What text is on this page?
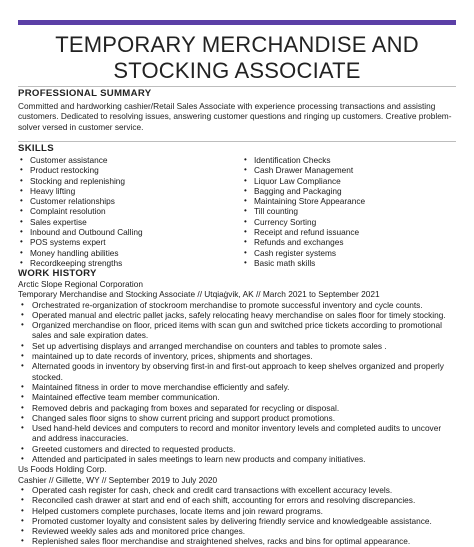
TEMPORARY MERCHANDISE AND
STOCKING ASSOCIATE
PROFESSIONAL SUMMARY
Committed and hardworking cashier/Retail Sales Associate with experience processing transactions and assisting customers. Dedicated to resolving issues, answering customer questions and ringing up customers. Creative problem-solver versed in customer service.
SKILLS
• Customer assistance
• Product restocking
• Stocking and replenishing
• Heavy lifting
• Customer relationships
• Complaint resolution
• Sales expertise
• Inbound and Outbound Calling
• POS systems expert
• Money handling abilities
• Recordkeeping strengths
• Identification Checks
• Cash Drawer Management
• Liquor Law Compliance
• Bagging and Packaging
• Maintaining Store Appearance
• Till counting
• Currency Sorting
• Receipt and refund issuance
• Refunds and exchanges
• Cash register systems
• Basic math skills
WORK HISTORY
Arctic Slope Regional Corporation
Temporary Merchandise and Stocking Associate // Utqiaġvik, AK // March 2021 to September 2021
• Orchestrated re-organization of stockroom merchandise to promote successful inventory and cycle counts.
• Operated manual and electric pallet jacks, safely relocating heavy merchandise on sales floor for timely stocking.
• Organized merchandise on floor, priced items with scan gun and switched price tickets according to promotional sales and sale expiration dates.
• Set up advertising displays and arranged merchandise on counters and tables to promote sales .
• maintained up to date records of inventory, prices, shipments and shortages.
• Alternated goods in inventory by observing first-in and first-out approach to keep shelves organized and properly stocked.
• Maintained fitness in order to move merchandise efficiently and safely.
• Maintained effective team member communication.
• Removed debris and packaging from boxes and separated for recycling or disposal.
• Changed sales floor signs to show current pricing and support product promotions.
• Used hand-held devices and computers to record and monitor inventory levels and completed audits to uncover and address inaccuracies.
• Greeted customers and directed to requested products.
• Attended and participated in sales meetings to learn new products and company initiatives.
Us Foods Holding Corp.
Cashier // Gillette, WY // September 2019 to July 2020
• Operated cash register for cash, check and credit card transactions with excellent accuracy levels.
• Reconciled cash drawer at start and end of each shift, accounting for errors and resolving discrepancies.
• Helped customers complete purchases, locate items and join reward programs.
• Promoted customer loyalty and consistent sales by delivering friendly service and knowledgeable assistance.
• Reviewed weekly sales ads and monitored price changes.
• Replenished sales floor merchandise and straightened shelves, racks and bins for optimal appearance.
